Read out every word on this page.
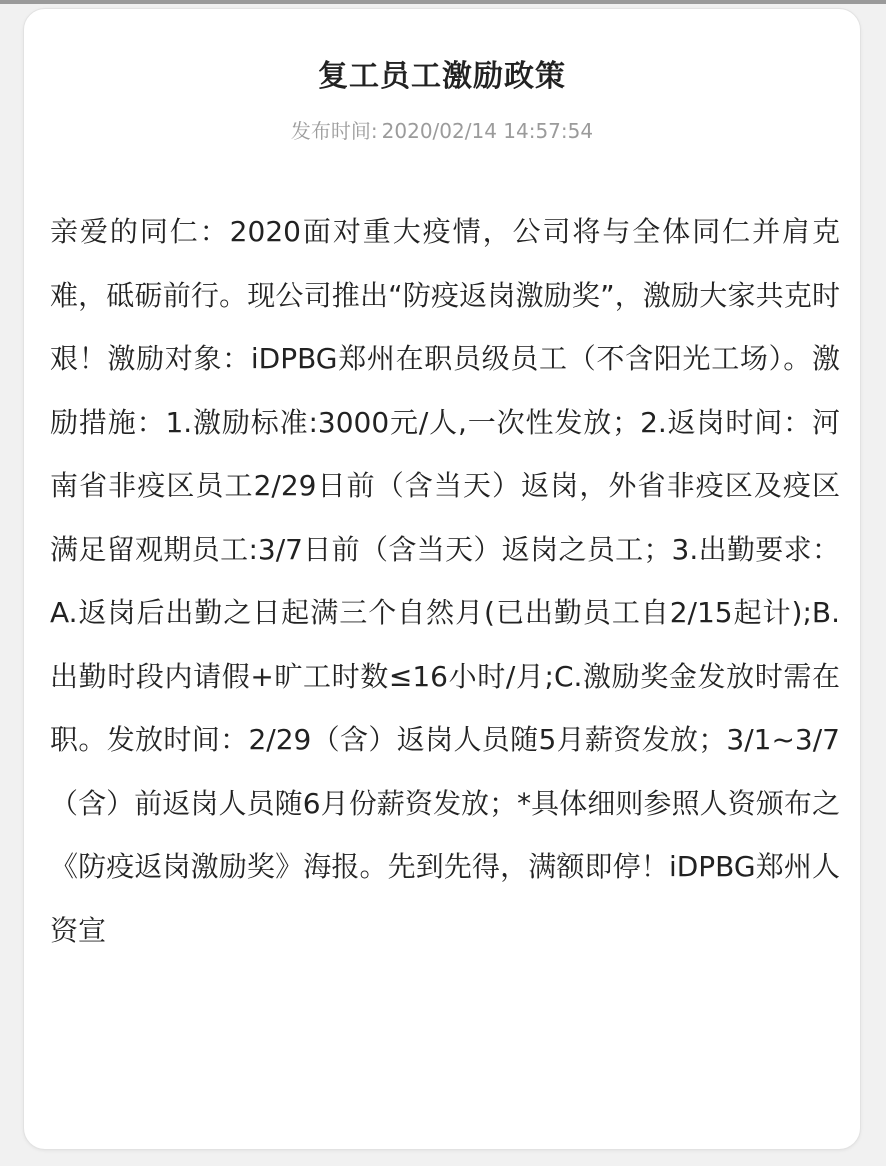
复工员工激励政策
发布时间: 2020/02/14 14:57:54

亲爱的同仁：2020面对重大疫情，公司将与全体同仁并肩克难，砥砺前行。现公司推出“防疫返岗激励奖”，激励大家共克时艰！激励对象：iDPBG郑州在职员级员工（不含阳光工场）。激励措施：1.激励标准:3000元/人,一次性发放；2.返岗时间：河南省非疫区员工2/29日前（含当天）返岗，外省非疫区及疫区满足留观期员工:3/7日前（含当天）返岗之员工；3.出勤要求：A.返岗后出勤之日起满三个自然月(已出勤员工自2/15起计);B.出勤时段内请假+旷工时数≤16小时/月;C.激励奖金发放时需在职。发放时间：2/29（含）返岗人员随5月薪资发放；3/1~3/7（含）前返岗人员随6月份薪资发放；*具体细则参照人资颁布之《防疫返岗激励奖》海报。先到先得，满额即停！iDPBG郑州人资宣
